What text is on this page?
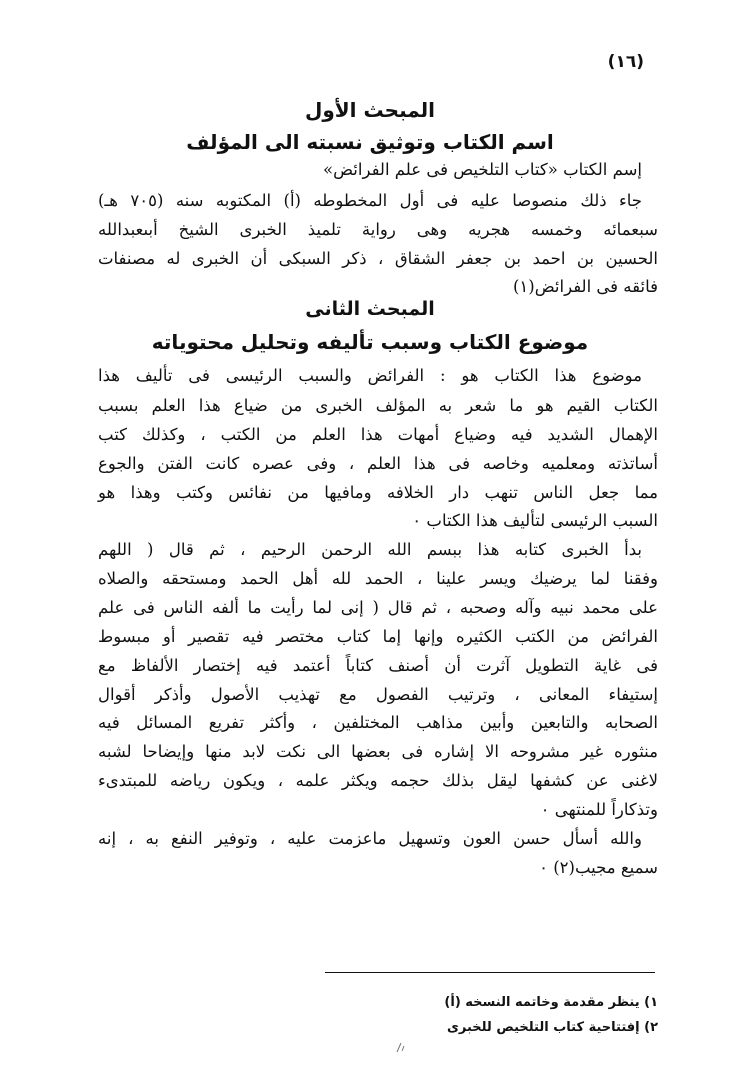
(١٦)
المبحث الأول
اسم الكتاب وتوثيق نسبته الى المؤلف
إسم الكتاب «كتاب التلخيص فى علم الفرائض»
جاء ذلك منصوصا عليه فى أول المخطوطه (أ) المكتوبه سنه (٧٠٥ هـ)
سبعمائه وخمسه هجريه وهى رواية تلميذ الخبرى الشيخ أبىعبدالله
الحسين بن احمد بن جعفر الشقاق ، ذكر السبكى أن الخبرى له مصنفات
فائقه فى الفرائض(١)
المبحث الثانى
موضوع الكتاب وسبب تأليفه وتحليل محتوياته
موضوع هذا الكتاب هو : الفرائض والسبب الرئيسى فى تأليف هذا
الكتاب القيم هو ما شعر به المؤلف الخبرى من ضياع هذا العلم بسبب
الإهمال الشديد فيه وضياع أمهات هذا العلم من الكتب ، وكذلك كتب
أساتذته ومعلميه وخاصه فى هذا العلم ، وفى عصره كانت الفتن والجوع
مما جعل الناس تنهب دار الخلافه ومافيها من نفائس وكتب وهذا هو
السبب الرئيسى لتأليف هذا الكتاب ٠
بدأ الخبرى كتابه هذا ببسم الله الرحمن الرحيم ، ثم قال ( اللهم
وفقنا لما يرضيك ويسر علينا ، الحمد لله أهل الحمد ومستحقه والصلاه
على محمد نبيه وآله وصحبه ، ثم قال ( إنى لما رأيت ما ألفه الناس فى علم
الفرائض من الكتب الكثيره وإنها إما كتاب مختصر فيه تقصير أو مبسوط
فى غاية التطويل آثرت أن أصنف كتاباً أعتمد فيه إختصار الألفاظ مع
إستيفاء المعانى ، وترتيب الفصول مع تهذيب الأصول وأذكر أقوال
الصحابه والتابعين وأبين مذاهب المختلفين ، وأكثر تفريع المسائل فيه
منثوره غير مشروحه الا إشاره فى بعضها الى نكت لابد منها وإيضاحا لشبه
لاغنى عن كشفها ليقل بذلك حجمه ويكثر علمه ، ويكون رياضه للمبتدىء
وتذكاراً للمنتهى ٠
والله أسأل حسن العون وتسهيل ماعزمت عليه ، وتوفير النفع به ، إنه
سميع مجيب(٢) ٠
١) ينظر مقدمة وخاتمه النسخه (أ)
٢) إفتتاحية كتاب التلخيص للخبرى
